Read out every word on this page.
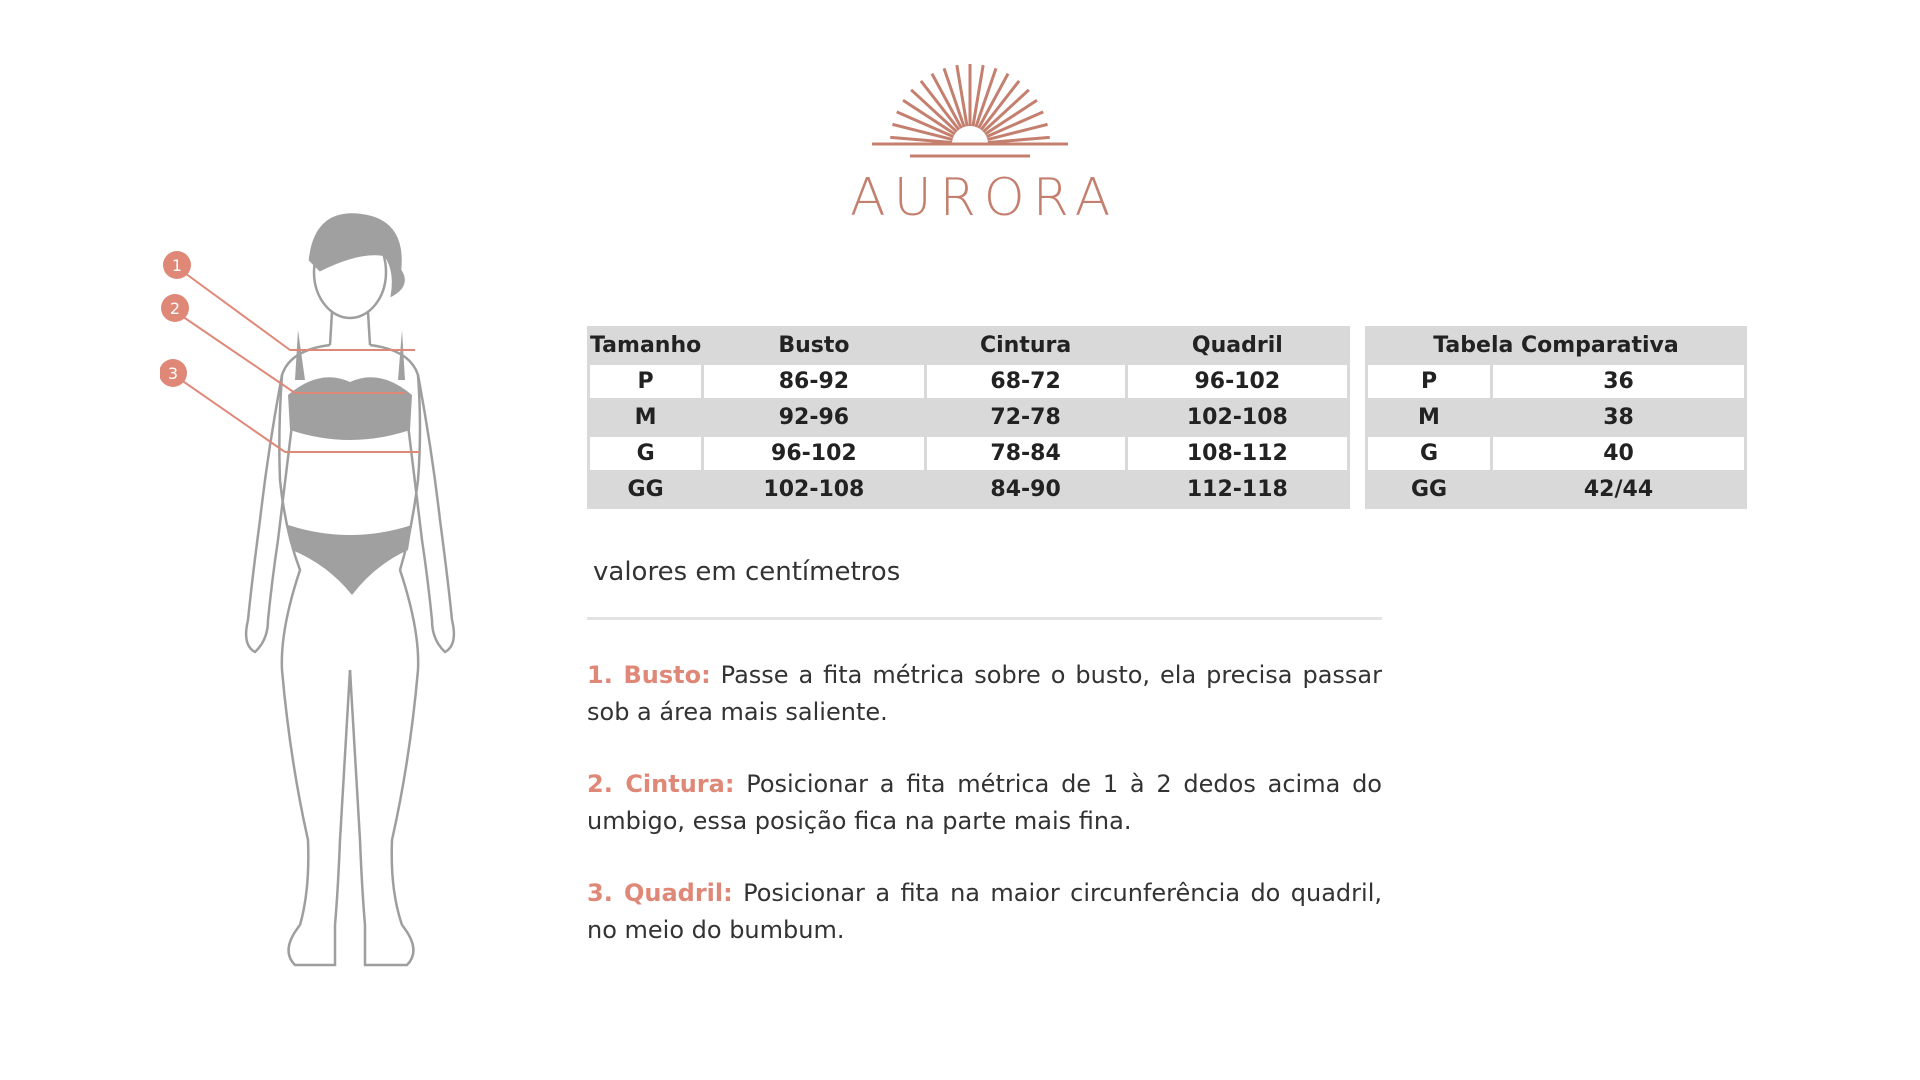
AURORA
1
2
3
Tamanho	Busto	Cintura	Quadril
P	86-92	68-72	96-102
M	92-96	72-78	102-108
G	96-102	78-84	108-112
GG	102-108	84-90	112-118
Tabela Comparativa	
P	36
M	38
G	40
GG	42/44
valores em centímetros
1. Busto: Passe a fita métrica sobre o busto, ela precisa passar sob a área mais saliente.
2. Cintura: Posicionar a fita métrica de 1 à 2 dedos acima do umbigo, essa posição fica na parte mais fina.
3. Quadril: Posicionar a fita na maior circunferência do quadril, no meio do bumbum.
